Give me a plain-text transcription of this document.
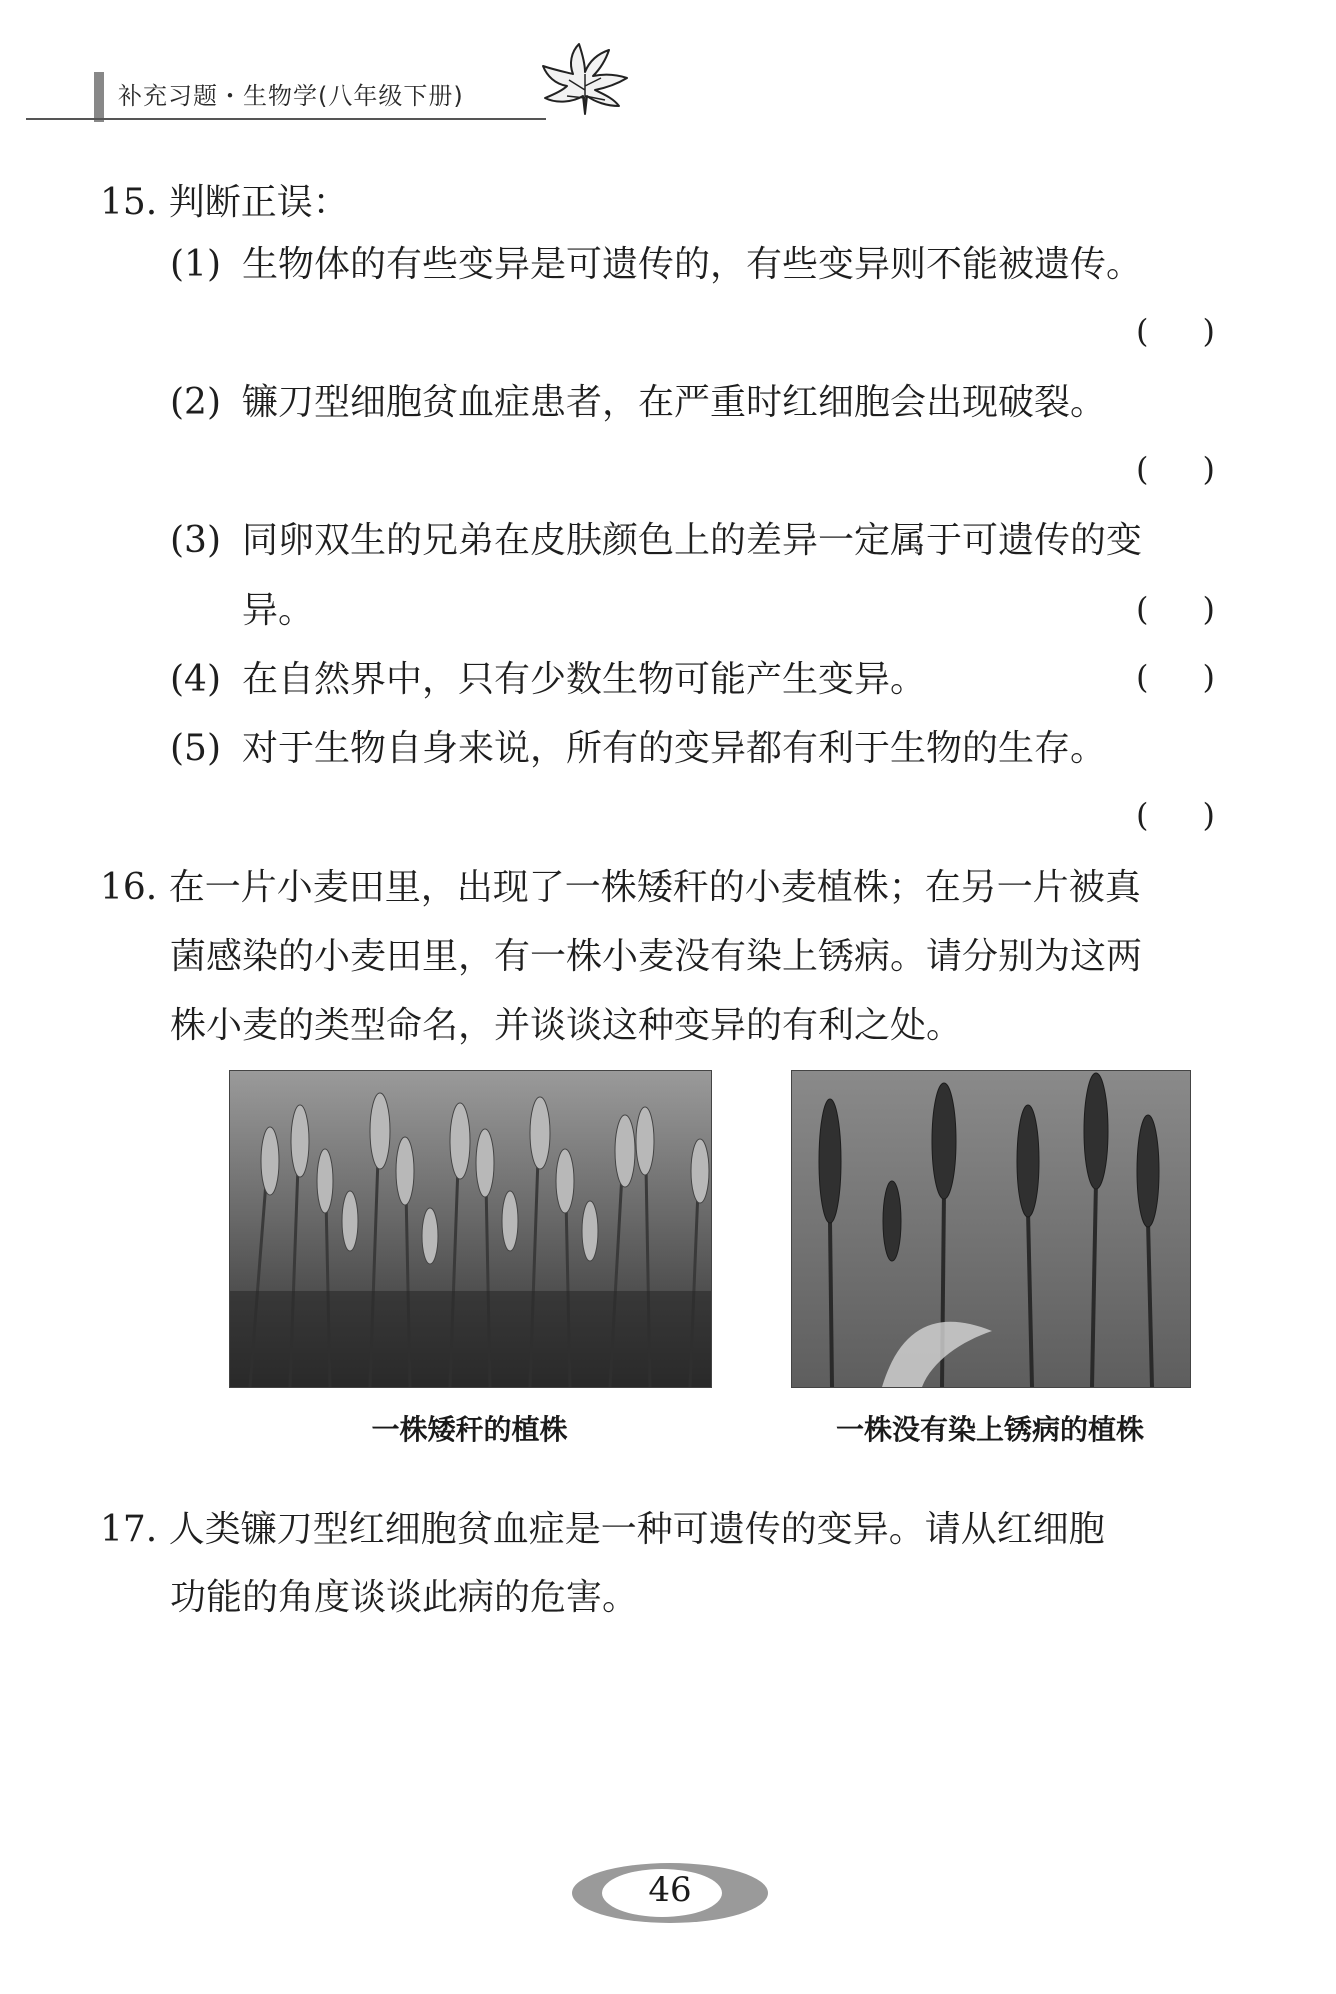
补充习题・生物学(八年级下册)
15. 判断正误：
(1) 生物体的有些变异是可遗传的，有些变异则不能被遗传。
( )
(2) 镰刀型细胞贫血症患者，在严重时红细胞会出现破裂。
( )
(3) 同卵双生的兄弟在皮肤颜色上的差异一定属于可遗传的变
异。	( )
(4) 在自然界中，只有少数生物可能产生变异。	( )
(5) 对于生物自身来说，所有的变异都有利于生物的生存。
( )
16. 在一片小麦田里，出现了一株矮秆的小麦植株；在另一片被真
菌感染的小麦田里，有一株小麦没有染上锈病。请分别为这两
株小麦的类型命名，并谈谈这种变异的有利之处。
一株矮秆的植株	一株没有染上锈病的植株
17. 人类镰刀型红细胞贫血症是一种可遗传的变异。请从红细胞
功能的角度谈谈此病的危害。
46
